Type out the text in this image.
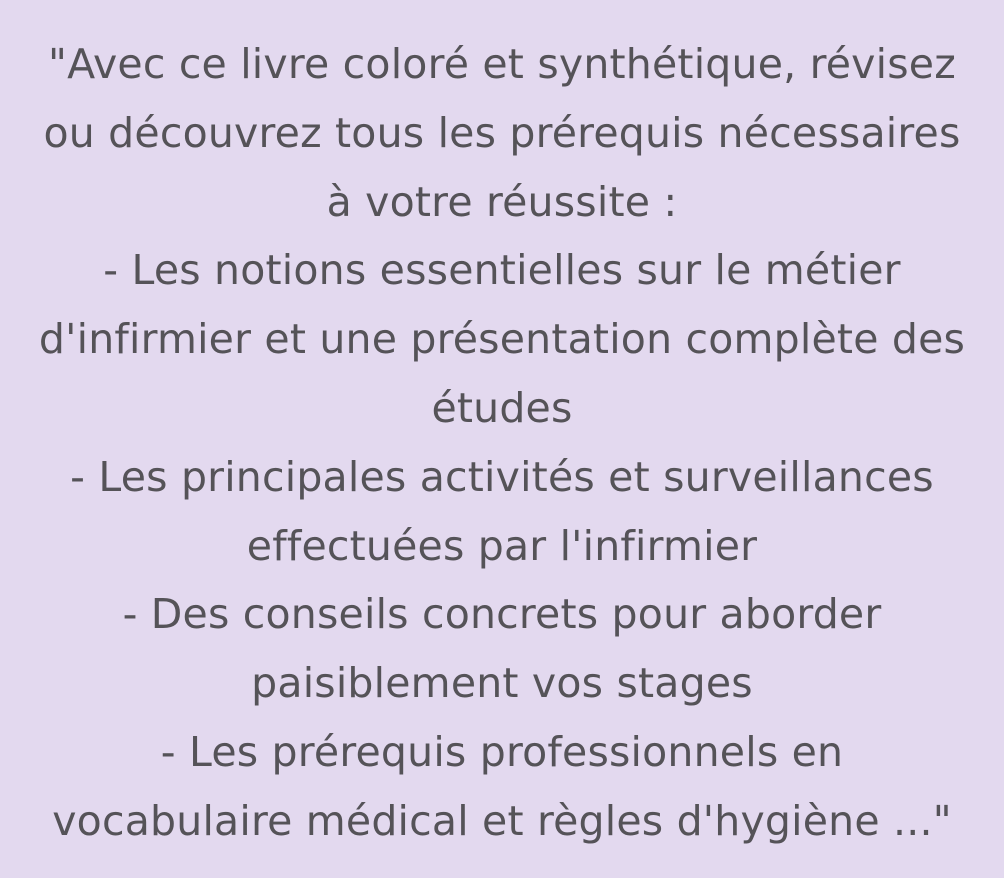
"Avec ce livre coloré et synthétique, révisez
ou découvrez tous les prérequis nécessaires
à votre réussite :
- Les notions essentielles sur le métier
d'infirmier et une présentation complète des
études
- Les principales activités et surveillances
effectuées par l'infirmier
- Des conseils concrets pour aborder
paisiblement vos stages
- Les prérequis professionnels en
vocabulaire médical et règles d'hygiène ..."
